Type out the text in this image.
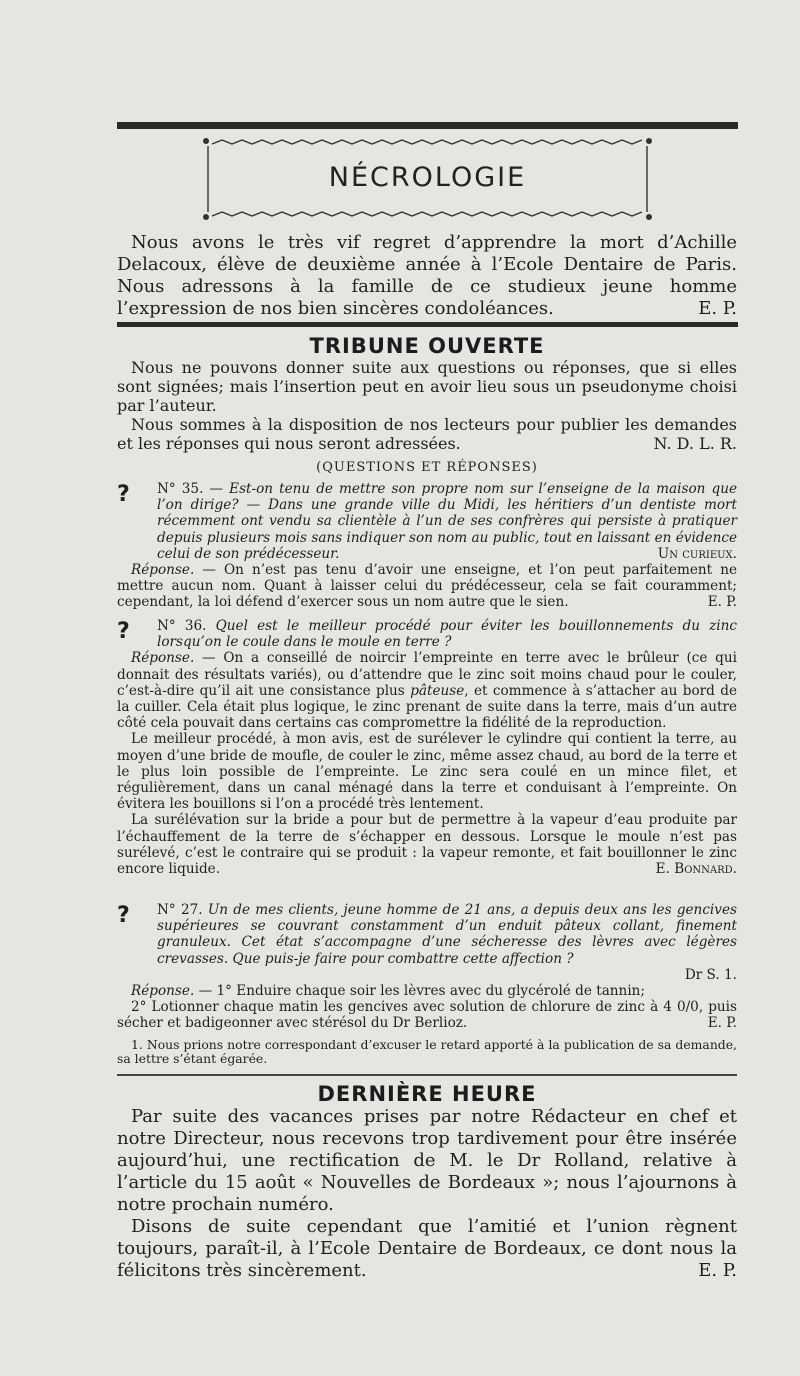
NÉCROLOGIE

Nous avons le très vif regret d’apprendre la mort d’Achille Delacoux, élève de deuxième année à l’Ecole Dentaire de Paris. Nous adressons à la famille de ce studieux jeune homme l’expression de nos bien sincères condoléances.	E. P.

TRIBUNE OUVERTE

Nous ne pouvons donner suite aux questions ou réponses, que si elles sont signées; mais l’insertion peut en avoir lieu sous un pseudonyme choisi par l’auteur.

Nous sommes à la disposition de nos lecteurs pour publier les demandes et les réponses qui nous seront adressées.	N. D. L. R.

(QUESTIONS ET RÉPONSES)
?	N° 35. — Est-on tenu de mettre son propre nom sur l’enseigne de la maison que l’on dirige? — Dans une grande ville du Midi, les héritiers d’un dentiste mort récemment ont vendu sa clientèle à l’un de ses confrères qui persiste à pratiquer depuis plusieurs mois sans indiquer son nom au public, tout en laissant en évidence celui de son prédécesseur.	Un curieux.

Réponse. — On n’est pas tenu d’avoir une enseigne, et l’on peut parfaitement ne mettre aucun nom. Quant à laisser celui du prédécesseur, cela se fait couramment; cependant, la loi défend d’exercer sous un nom autre que le sien.	E. P.

?	N° 36. Quel est le meilleur procédé pour éviter les bouillonnements du zinc lorsqu’on le coule dans le moule en terre ?

Réponse. — On a conseillé de noircir l’empreinte en terre avec le brûleur (ce qui donnait des résultats variés), ou d’attendre que le zinc soit moins chaud pour le couler, c’est-à-dire qu’il ait une consistance plus pâteuse, et commence à s’attacher au bord de la cuiller. Cela était plus logique, le zinc prenant de suite dans la terre, mais d’un autre côté cela pouvait dans certains cas compromettre la fidélité de la reproduction.

Le meilleur procédé, à mon avis, est de surélever le cylindre qui contient la terre, au moyen d’une bride de moufle, de couler le zinc, même assez chaud, au bord de la terre et le plus loin possible de l’empreinte. Le zinc sera coulé en un mince filet, et régulièrement, dans un canal ménagé dans la terre et conduisant à l’empreinte. On évitera les bouillons si l’on a procédé très lentement.

La surélévation sur la bride a pour but de permettre à la vapeur d’eau produite par l’échauffement de la terre de s’échapper en dessous. Lorsque le moule n’est pas surélevé, c’est le contraire qui se produit : la vapeur remonte, et fait bouillonner le zinc encore liquide.	E. Bonnard.

?	N° 27. Un de mes clients, jeune homme de 21 ans, a depuis deux ans les gencives supérieures se couvrant constamment d’un enduit pâteux collant, finement granuleux. Cet état s’accompagne d’une sécheresse des lèvres avec légères crevasses. Que puis-je faire pour combattre cette affection ?

Dr S. 1.

Réponse. — 1° Enduire chaque soir les lèvres avec du glycérolé de tannin;

2° Lotionner chaque matin les gencives avec solution de chlorure de zinc à 4 0/0, puis sécher et badigeonner avec stérésol du Dr Berlioz.	E. P.

1. Nous prions notre correspondant d’excuser le retard apporté à la publication de sa demande, sa lettre s’étant égarée.

DERNIÈRE HEURE

Par suite des vacances prises par notre Rédacteur en chef et notre Directeur, nous recevons trop tardivement pour être insérée aujourd’hui, une rectification de M. le Dr Rolland, relative à l’article du 15 août « Nouvelles de Bordeaux »; nous l’ajournons à notre prochain numéro.

Disons de suite cependant que l’amitié et l’union règnent toujours, paraît-il, à l’Ecole Dentaire de Bordeaux, ce dont nous la félicitons très sincèrement.	E. P.
